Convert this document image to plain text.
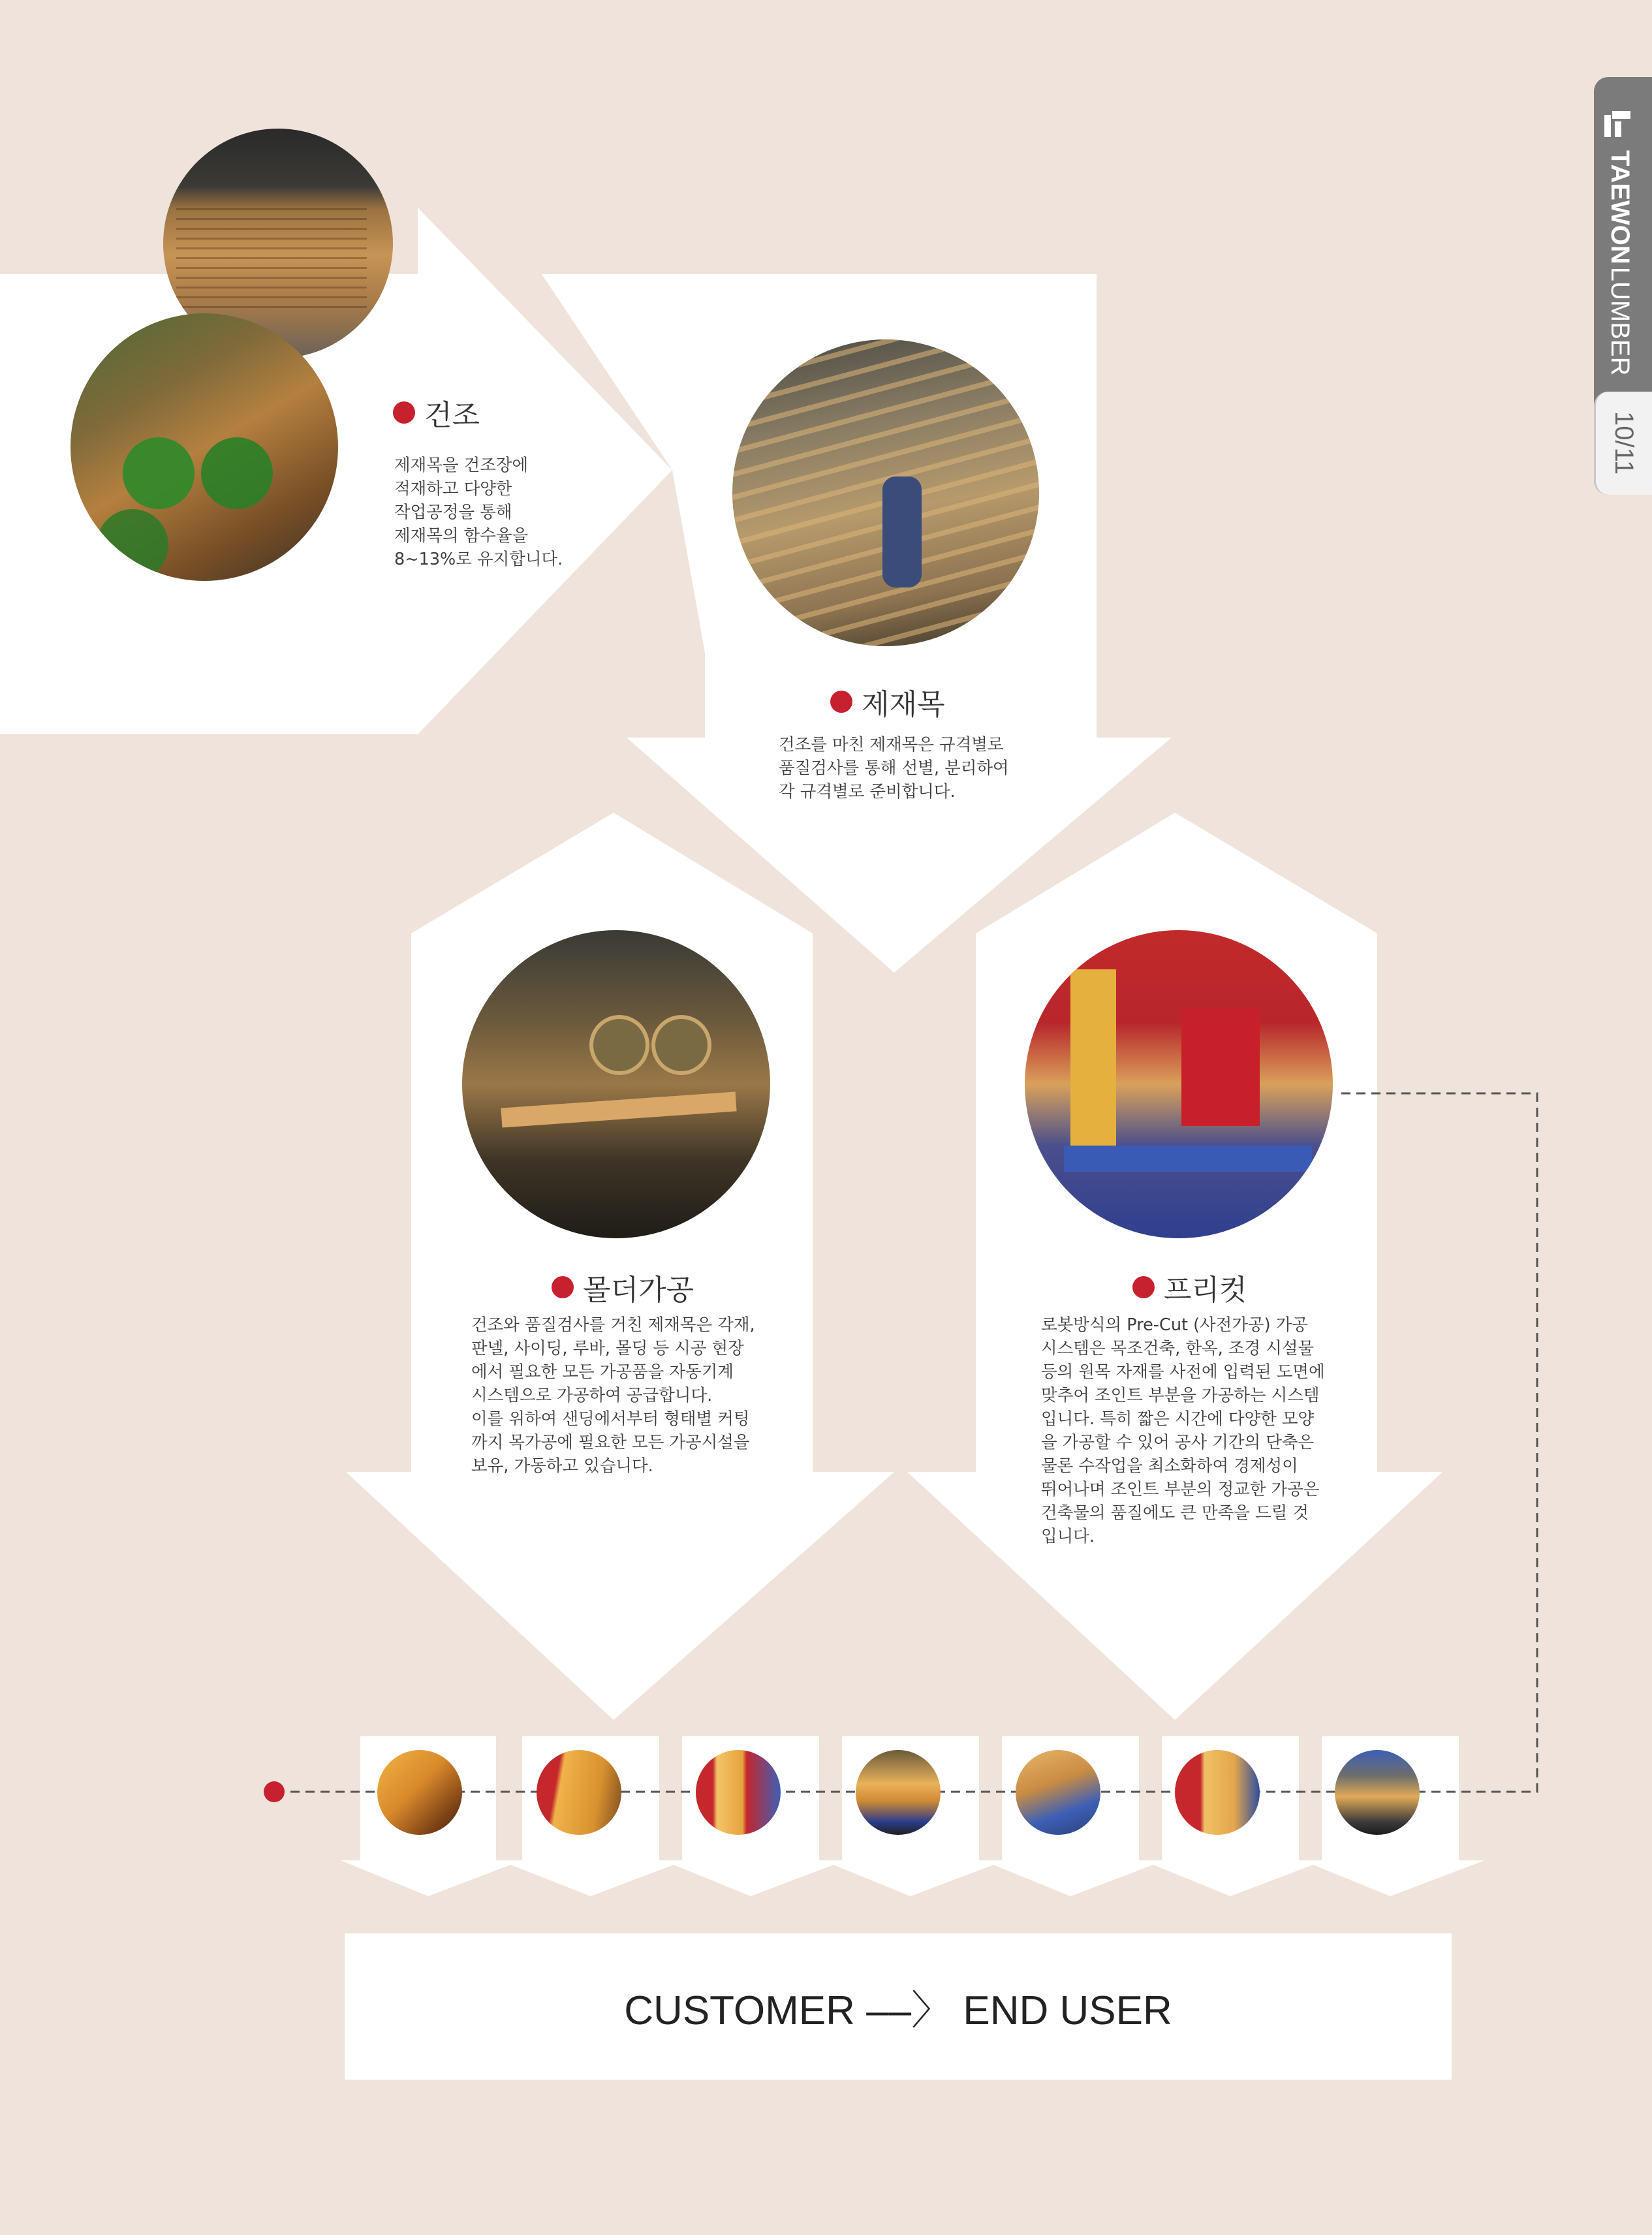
건조
제재목을 건조장에
적재하고 다양한
작업공정을 통해
제재목의 함수율을
8~13%로 유지합니다.
제재목
건조를 마친 제재목은 규격별로
품질검사를 통해 선별, 분리하여
각 규격별로 준비합니다.
몰더가공
건조와 품질검사를 거친 제재목은 각재,
판넬, 사이딩, 루바, 몰딩 등 시공 현장
에서 필요한 모든 가공품을 자동기계
시스템으로 가공하여 공급합니다.
이를 위하여 샌딩에서부터 형태별 커팅
까지 목가공에 필요한 모든 가공시설을
보유, 가동하고 있습니다.
프리컷
로봇방식의 Pre-Cut (사전가공) 가공
시스템은 목조건축, 한옥, 조경 시설물
등의 원목 자재를 사전에 입력된 도면에
맞추어 조인트 부분을 가공하는 시스템
입니다. 특히 짧은 시간에 다양한 모양
을 가공할 수 있어 공사 기간의 단축은
물론 수작업을 최소화하여 경제성이
뛰어나며 조인트 부분의 정교한 가공은
건축물의 품질에도 큰 만족을 드릴 것
입니다.
CUSTOMER ––〉 END USER
TAEWONLUMBER
10/11
